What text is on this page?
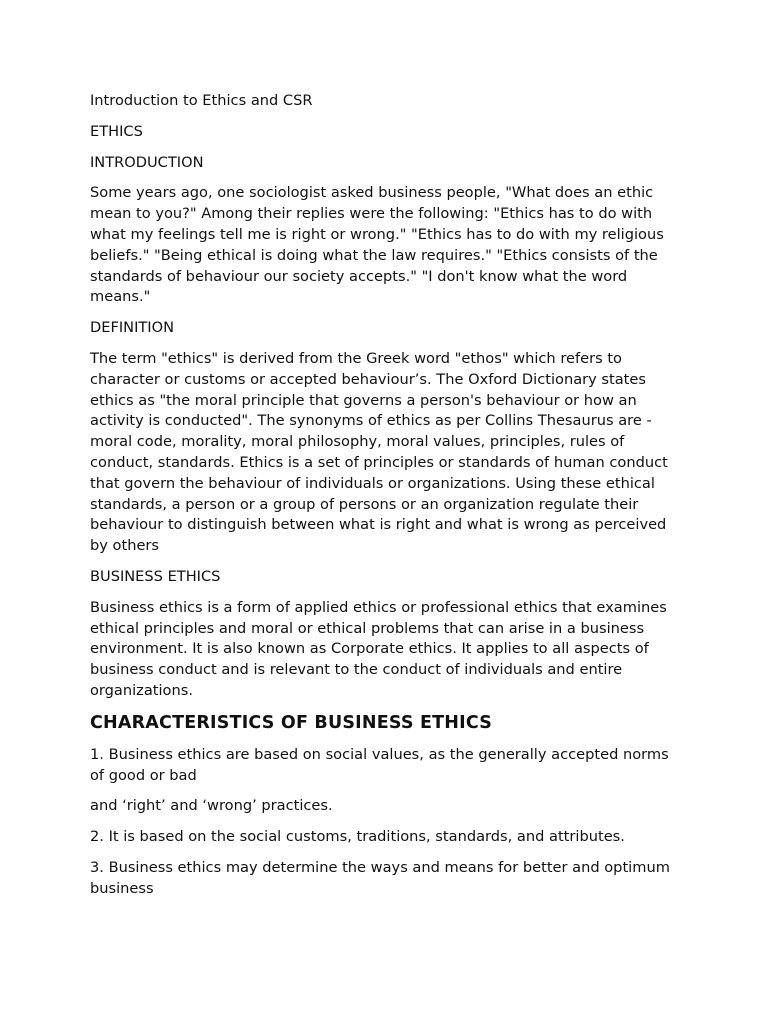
Introduction to Ethics and CSR

ETHICS

INTRODUCTION

Some years ago, one sociologist asked business people, "What does an ethic mean to you?" Among their replies were the following: "Ethics has to do with what my feelings tell me is right or wrong." "Ethics has to do with my religious beliefs." "Being ethical is doing what the law requires." "Ethics consists of the standards of behaviour our society accepts." "I don't know what the word means."

DEFINITION

The term "ethics" is derived from the Greek word "ethos" which refers to character or customs or accepted behaviour’s. The Oxford Dictionary states ethics as "the moral principle that governs a person's behaviour or how an activity is conducted". The synonyms of ethics as per Collins Thesaurus are - moral code, morality, moral philosophy, moral values, principles, rules of conduct, standards. Ethics is a set of principles or standards of human conduct that govern the behaviour of individuals or organizations. Using these ethical standards, a person or a group of persons or an organization regulate their behaviour to distinguish between what is right and what is wrong as perceived by others

BUSINESS ETHICS

Business ethics is a form of applied ethics or professional ethics that examines ethical principles and moral or ethical problems that can arise in a business environment. It is also known as Corporate ethics. It applies to all aspects of business conduct and is relevant to the conduct of individuals and entire organizations.

CHARACTERISTICS OF BUSINESS ETHICS

1. Business ethics are based on social values, as the generally accepted norms of good or bad

and ‘right’ and ‘wrong’ practices.

2. It is based on the social customs, traditions, standards, and attributes.

3. Business ethics may determine the ways and means for better and optimum business
